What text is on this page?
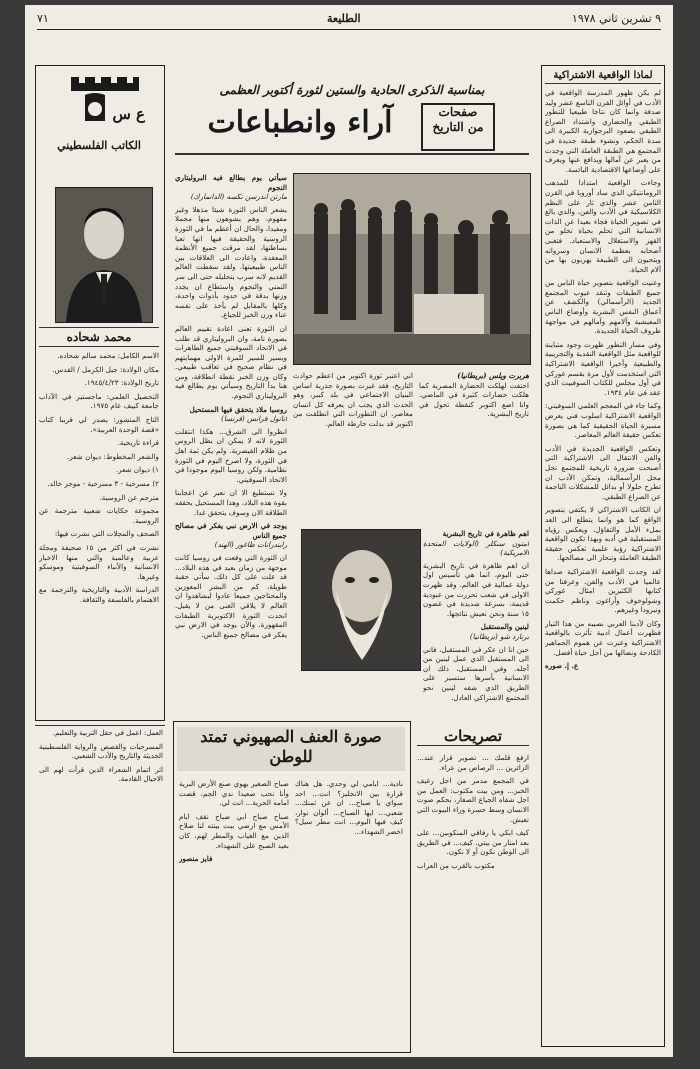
٩ تشرين ثاني ١٩٧٨
الطليعة
٧١
لماذا الواقعية الاشتراكية

لم يكن ظهور المدرسة الواقعية في الأدب في أوائل القرن التاسع عشر وليد صدفة وانما كان نتاجا طبيعيا للتطور الطبقي والحضاري واشتداد الصراع الطبقي بصعود البرجوازية الكبيرة الى سدة الحكم، ونشوء طبقة جديدة في المجتمع هي الطبقة العاملة التي وجدت من يعبر عن آمالها ويدافع عنها ويعرف على أوضاعها الاقتصادية البائسة.

وجاءت الواقعية امتدادا للمذهب الرومانتيكي الذي ساد أوروبا في القرن الثامن عشر والذي ثار على النظم الكلاسيكية في الأدب والفن، والذي بالغ في تصوير الحياة فجاء بعيدا عن الذات الانسانية التي تحلم بحياة تخلو من القهر والاستغلال والاستعباد. فتغنى أصحابه بعظمة الانسان وسرواته ويتحيون الى الطبيعة يهربون بها من آلام الحياة.

وعنيت الواقعية بتصوير حياة الناس من جميع الطبقات وتنقد عيوب المجتمع الجديد (الرأسمالي) والكشف عن أعماق النفس البشرية وأوضاع الناس المعيشية وآلامهم وآمالهم في مواجهة ظروف الحياة الجديدة.

وفي مسار التطور ظهرت وجود متباينة للواقعية مثل الواقعية النقدية والتجريبية والطبيعية وأخيرا الواقعية الاشتراكية التي استخدمت لأول مرة بقسم غوركي في أول مجلس للكتاب السوفييت الذي عقد في عام ١٩٣٤.

وكما جاء في المعجم العلمي السوفيتي: الواقعية الاشتراكية اسلوب فني يعرض مسيرة الحياة الحقيقية كما هي بصورة تعكس حقيقة العالم المعاصر.

وتعكس الواقعية الجديدة في الأدب والفن الانتقال الى الاشتراكية التي أصبحت ضرورة تاريخية للمجتمع تحل محل الرأسمالية، وتمكن الأدب ان تطرح حلولا أو بدائل للمشكلات الناجمة عن الصراع الطبقي.

ان الكاتب الاشتراكي لا يكتفي بتصوير الواقع كما هو وانما يتطلع الى الغد بملء الأمل والتفاؤل، ويعكس رؤياه المستقبلية في أدبه وبهذا تكون الواقعية الاشتراكية رؤية علمية تعكس حقيقة الطبقة العاملة وتنحاز الى مصالحها.

لقد وجدت الواقعية الاشتراكية صداها عالميا في الأدب والفن، وعرفنا من كتابها الكثيرين امثال غوركي وشولوخوف وأراغون وناظم حكمت ونيرودا وغيرهم.

وكان لأدبنا العربي نصيبه من هذا التيار فظهرت أعمال ادبية تأثرت بالواقعية الاشتراكية وعبرت عن هموم الجماهير الكادحة ونضالها من أجل حياة أفضل.

ع. إ. صوره

ع س
الكاتب الفلسطيني
محمد شحاده

الاسم الكامل: محمد سالم شحاده.

مكان الولادة: جبل الكرمل / القدس.

تاريخ الولادة: ١٩٤٥/٤/٢٣.

التحصيل العلمي: ماجستير في الآداب جامعة كييف عام ١٩٧٥.

التاج المنشور: يصدر لي قريبا كتاب «قصة الوحدة العربية».

قراءة تاريخية.

والشعر المخطوط: ديوان شعر.

١) ديوان شعر.

٢) مسرحية - ٣ مسرحية - موجز خالد.

مترجم عن الروسية.

مجموعة حكايات شعبية مترجمة عن الروسية.

الصحف والمجلات التي نشرت فيها:

نشرت في اكثر من ١٥ صحيفة ومجلة عربية وعالمية والتي منها الاخبار الانسانية والأنباء السوفيتية وموسكو وغيرها.

الدراسة الأدبية والتاريخية والترجمة مع الاهتمام بالفلسفة والثقافة.

بمناسبة الذكرى الحادية والستين لثورة أكتوبر العظمى
صفحات
من التاريخ
آراء وانطباعات
سيأتي يوم يطالع فيه البروليتاري النجوم
مارتن اندرسن نكسه (الدانمارك)

يشعر الناس الثورة شيئا مذهلا وغير مفهوم، وهم يشوهون منها مجملا ومفيدا، والحال ان أعظم ما في الثورة الروسية والحقيقة فيها انها تعيا بساطتها، لقد مرقت جميع الأنظمة المعقدة، واعادت الى العلاقات بين الناس طبيعيتها. ولقد سقطت العالم القديم لانه سرب بتحليله حتى الى سر التمني والنجوم واستطاع ان يجدد وزنها بدقة في حدود بأدوات واحدة، وكلها بالمقابل لم يأخذ على نفسه عناء وزن الخبز للجياع.

ان الثورة تعنى اعادة تقييم العالم بصورة تامة، وان البروليتاري قد طلب في الاتحاد السوفيتي جميع الطاهرات ويسير للسير للمرة الاولى مهمايتهم في نظام صحيح في تعاقب طبيعي. وكان وزن الخبز نقطة انطلاقة، ومن هنا بدأ التاريخ وسيأتي يوم يطالع فيه البروليتاري النجوم.

روسيا ملاذ يتحقق فيها المستحيل
اناتول فرانس (فرنسا)

انظروا الى الشرق... هكذا انتقلت الثورة لانه لا يمكن ان يظل الروس من ظلام القيصرية. ولم يكن ثمة اهل في الثورة، ولا اصرخ اليوم في الثورة نظامية. ولكن روسيا اليوم موجودا في الاتحاد السوفيتي.

ولا نستطيع الا ان نعبر عن اعجابنا بقوة هذه البلاد، وهذا المستحيل يحققه الطلاقة الان وسوف يتحقق غدا.

يوجد في الارض نبي يفكر في مصالح جميع الناس
رابندرانات طاغور (الهند)

ان الثورة التي وقعت في روسيا كانت موجهة من زمان بعيد في هذه البلاد... قد علت على كل ذلك. سأتي حقبة طويلة، كم من البشر المعوزين والمحتاجين جميعا عادوا ليشاهدوا ان العالم لا يلاقي الغنى من لا يقبل. انحدت الثورة الاكتوبرية الطبقات المقهورة. والآن يوجد في الارض نبي يفكر في مصالح جميع الناس.

هربرت ويلس (بريطانيا)

احتفت لهلكت الحضارة المصرية كما هلكت حضارات كثيرة في الماضي. وانا اضع اكتوبر كنقطة تحول في تاريخ البشرية.

اني اعتبر ثورة اكتوبر من اعظم حوادث التاريخ، فقد غيرت بصورة جذرية اساس البنيان الاجتماعي في بلد كبير، وهو الحدث الذي يجب ان يعرفه كل انسان معاصر. ان التطورات التي انطلقت من اكتوبر قد بدلت خارطة العالم.

اهم ظاهرة في تاريخ البشرية
امتون سنكلر (الولايات المتحدة الامريكية)

ان اهم ظاهرة في تاريخ البشرية حتى اليوم، انما هي تأسيس اول دولة عمالية في العالم. وقد ظهرت الاولى في شعب تحررت من عبودية قديمة، بسرعة شديدة في غضون ١٥ سنة ونحن نعيش نتائجها.

لينين والمستقبل
برنارد شو (بريطانيا)

حين انا ان عكر في المستقبل، فاني الى المستقبل الذي عمل لينين من أجله. وفي المستقبل، ذلك ان الانسانية بأسرها ستسير على الطريق الذي شقه لينين نحو المجتمع الاشتراكي العادل.

صورة العنف الصهيوني تمتد للوطن
نادية... ايامي لي وحدي. هل هناك قرارة بين الانجليز؟ انت... احد سواي يا صباح... ان عن ثمنك... شعبي... ايها الصباح... ألوان نوار، كيف فيها اليوم... انت مطر سيل؟ اخضر الشهداء...

صباح الصغير يهوي صنع الأرض البرية وأنا نحب صعيدا ندي الجم، قضت امامه الحرية... انت لي.

صباح صباح ابي صباح نقف ايام الأمس مع ارضي بيت بينته لنا صلاح الذين مع الغياب والمطر لهم، كان بعيد الصبح على الشهداء.

فايز منصور

تصريحات

ارفع قلمك ... تصوير قرار عند... الزائرين ... الرصاص من عراء.

في المجمع مدمر من اجل رغيف الخبز... ومن بيت مكتوب: العمل من اجل شفاه الجياع الصغار، بحكم صوت الانسان وسط حسرة وراء البيوت التي تعيش.

كيف ابكي يا رفاقي المنكوبين... على بعد امتار من بيتي. كيف... في الطريق الى الوطن نكون أو لا نكون.

مكتوب بالقرب من العراب

العمل: اعمل في حقل التربية والتعليم.

المسرحيات والقصص والرواية الفلسطينية الحديثة والتاريخ والأدب الشعبي.

اثر اتمام الشعراء الذين قرأت لهم الى الاجيال القادمة.
